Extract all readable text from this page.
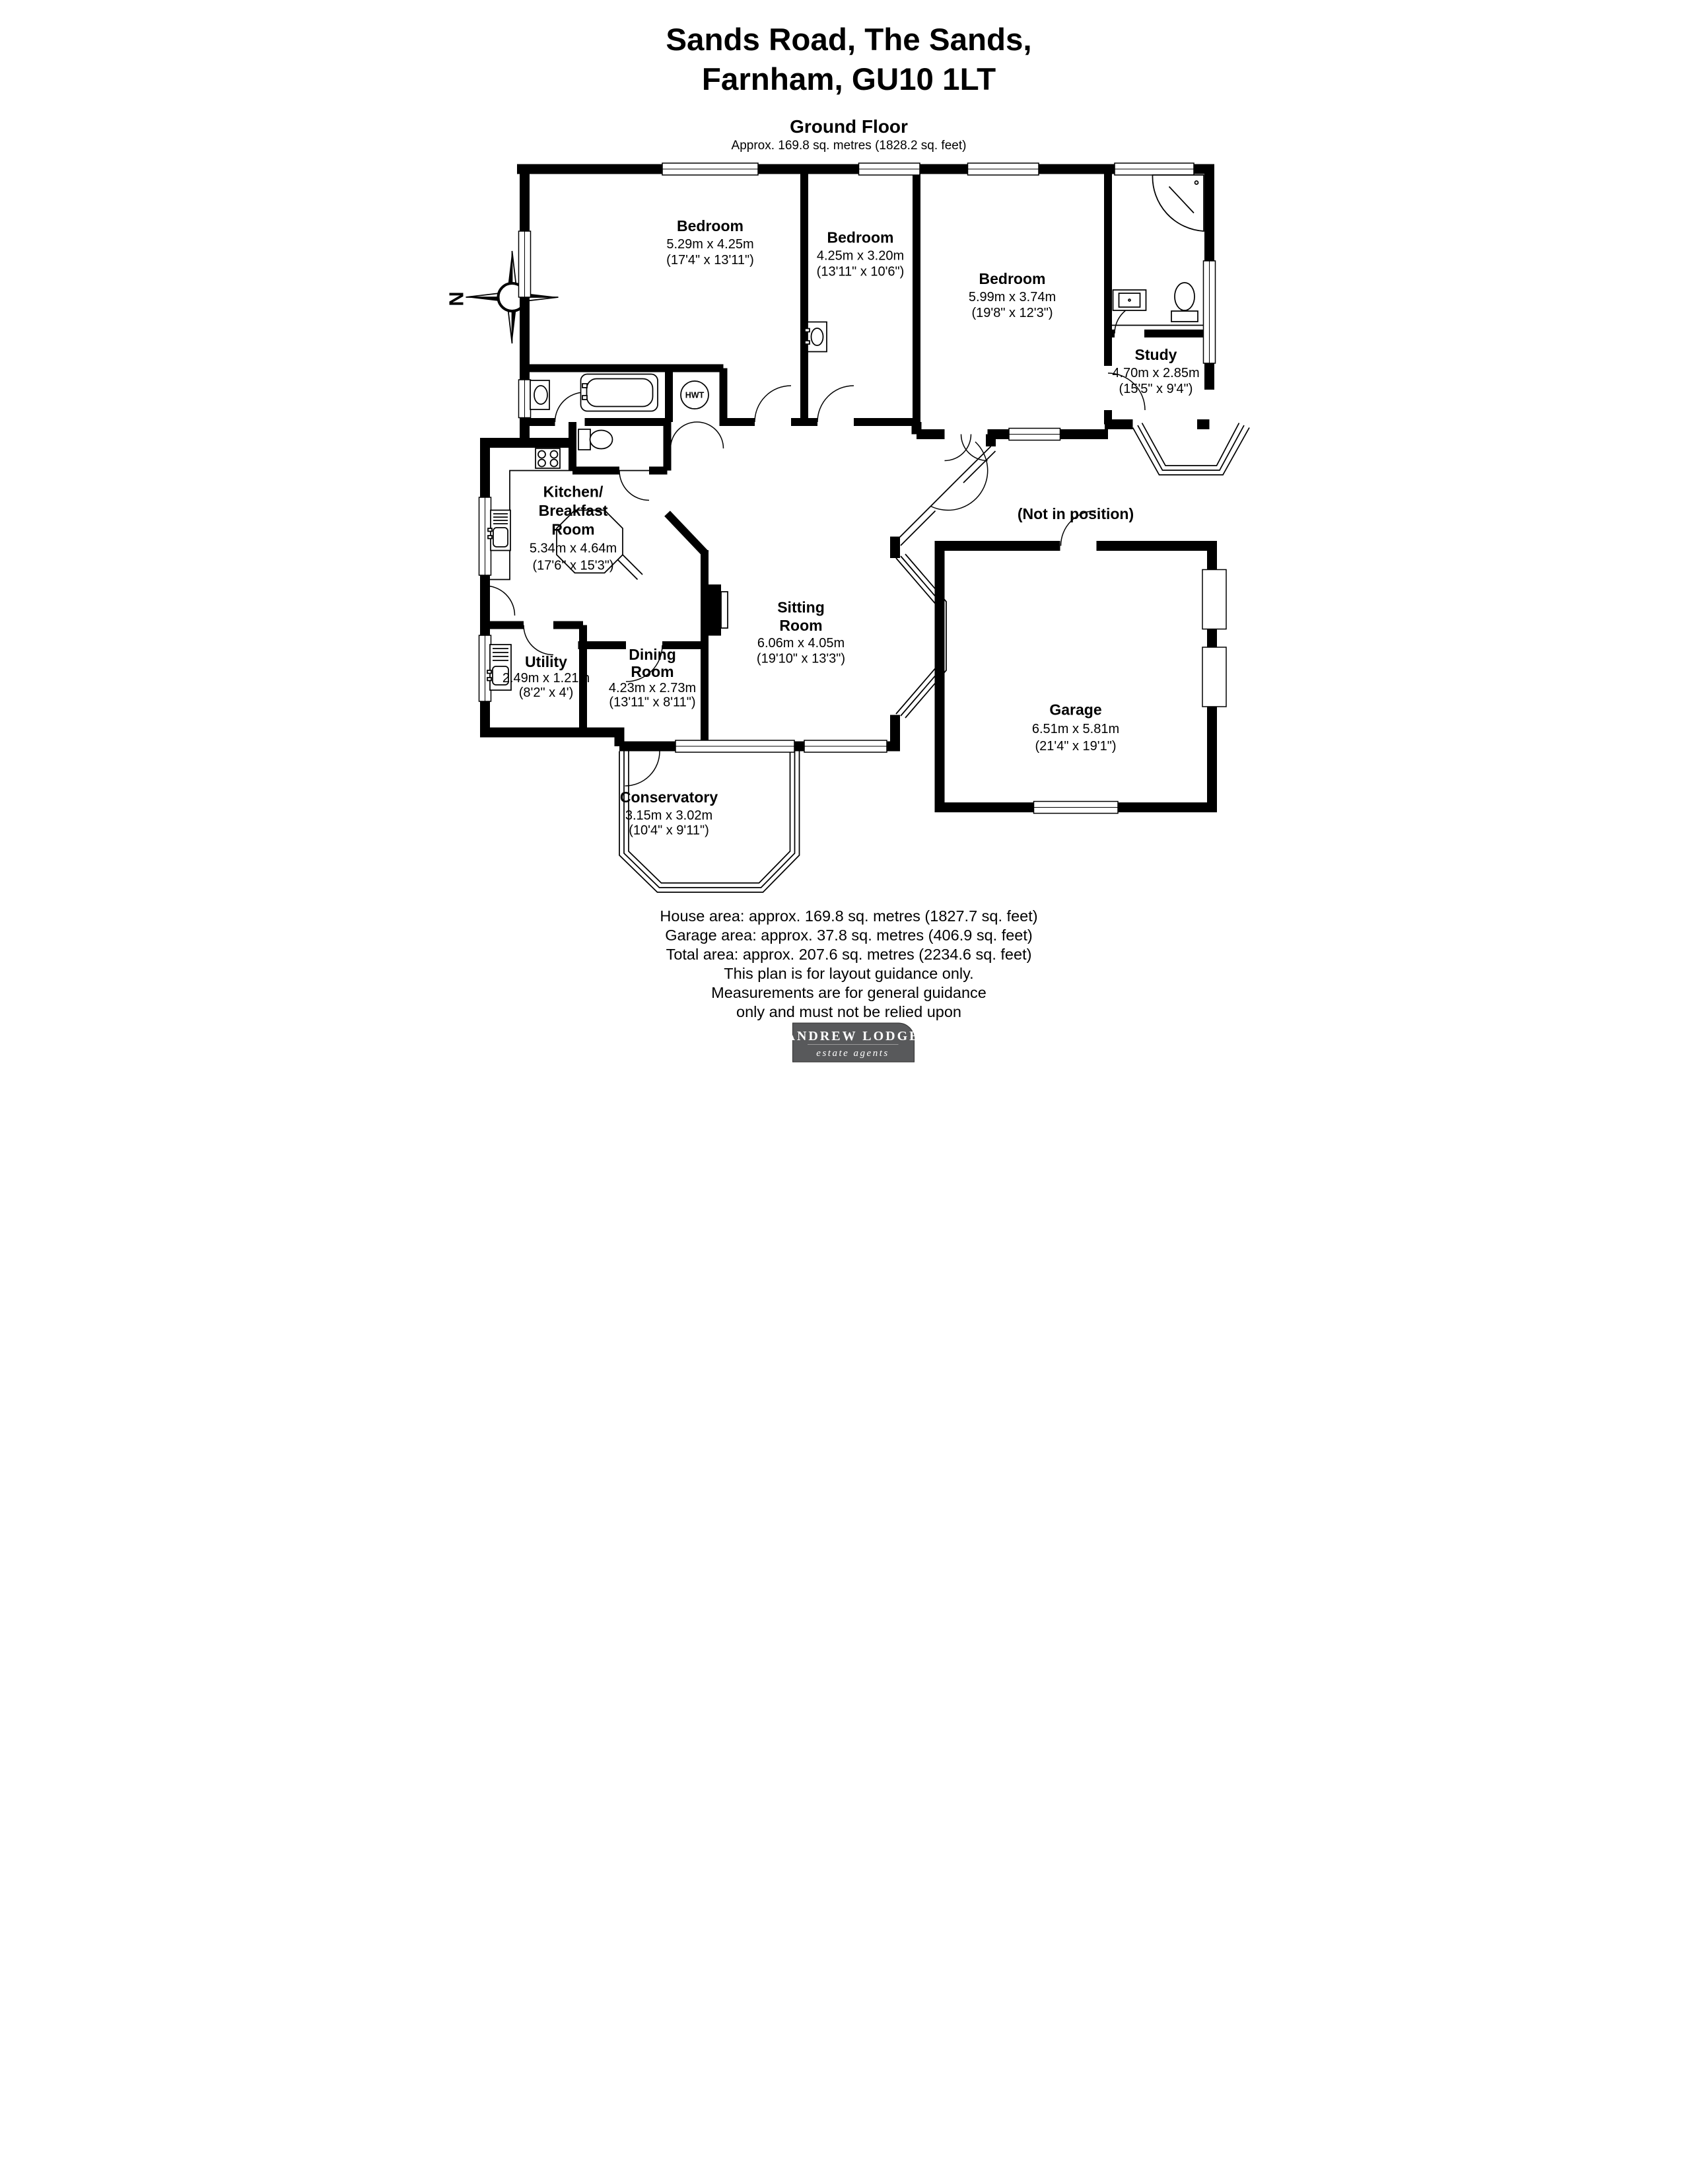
Sands Road, The Sands,
Farnham, GU10 1LT
Ground Floor
Approx. 169.8 sq. metres (1828.2 sq. feet)
N
HWT
Bedroom
5.29m x 4.25m
(17'4" x 13'11")
Bedroom
4.25m x 3.20m
(13'11" x 10'6") Bedroom
5.99m x 3.74m
(19'8" x 12'3")
Study
4.70m x 2.85m
(15'5" x 9'4")
Kitchen/
Breakfast
Room
5.34m x 4.64m
(17'6" x 15'3")
Utility
2.49m x 1.21m
(8'2" x 4')
Dining
Room
4.23m x 2.73m
(13'11" x 8'11")
Sitting
Room
6.06m x 4.05m
(19'10" x 13'3")
Conservatory
3.15m x 3.02m
(10'4" x 9'11")
(Not in position)
Garage
6.51m x 5.81m
(21'4" x 19'1")
House area: approx. 169.8 sq. metres (1827.7 sq. feet)
Garage area: approx. 37.8 sq. metres (406.9 sq. feet)
Total area: approx. 207.6 sq. metres (2234.6 sq. feet)
This plan is for layout guidance only.
Measurements are for general guidance
only and must not be relied upon
ANDREW LODGE
estate agents
